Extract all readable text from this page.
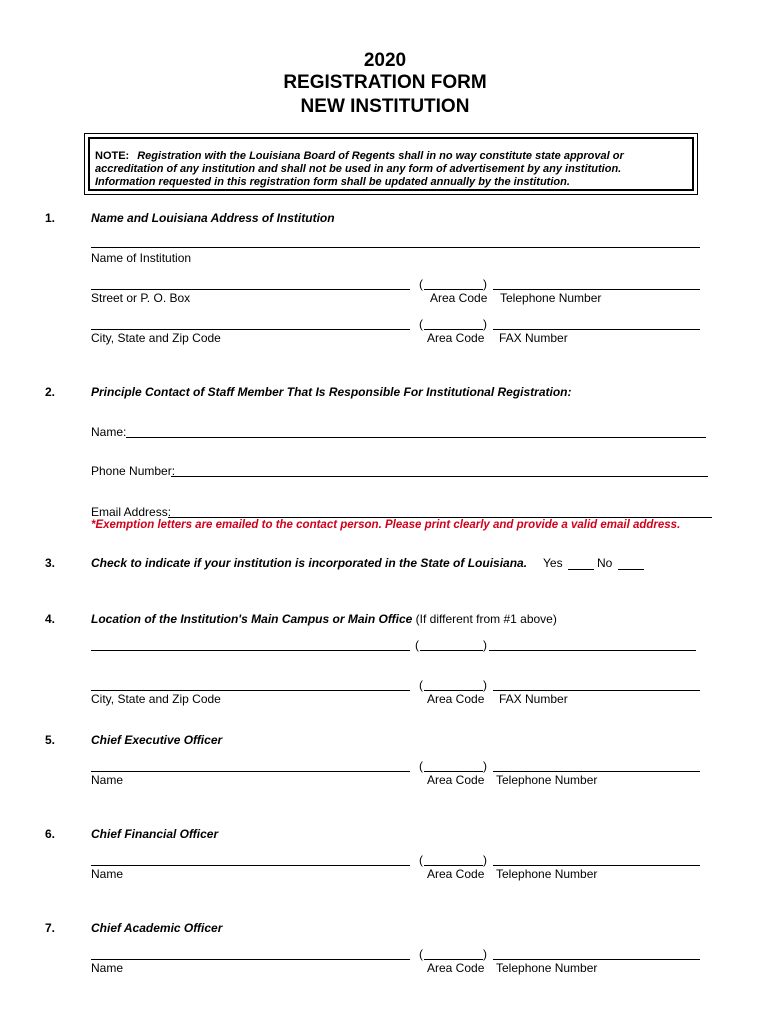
2020
REGISTRATION FORM
NEW INSTITUTION
NOTE: Registration with the Louisiana Board of Regents shall in no way constitute state approval or
accreditation of any institution and shall not be used in any form of advertisement by any institution.
Information requested in this registration form shall be updated annually by the institution.
1.	Name and Louisiana Address of Institution
Name of Institution
(	)
Street or P. O. Box	Area Code Telephone Number
(	)
City, State and Zip Code	Area Code FAX Number
2.	Principle Contact of Staff Member That Is Responsible For Institutional Registration:
Name:
Phone Number:
Email Address:
*Exemption letters are emailed to the contact person. Please print clearly and provide a valid email address.
3.	Check to indicate if your institution is incorporated in the State of Louisiana. Yes	No
4.	Location of the Institution's Main Campus or Main Office (If different from #1 above)
(	)
(	)
City, State and Zip Code	Area Code FAX Number
5.	Chief Executive Officer
(	)
Name	Area Code Telephone Number
6.	Chief Financial Officer
(	)
Name	Area Code Telephone Number
7.	Chief Academic Officer
(	)
Name	Area Code Telephone Number
